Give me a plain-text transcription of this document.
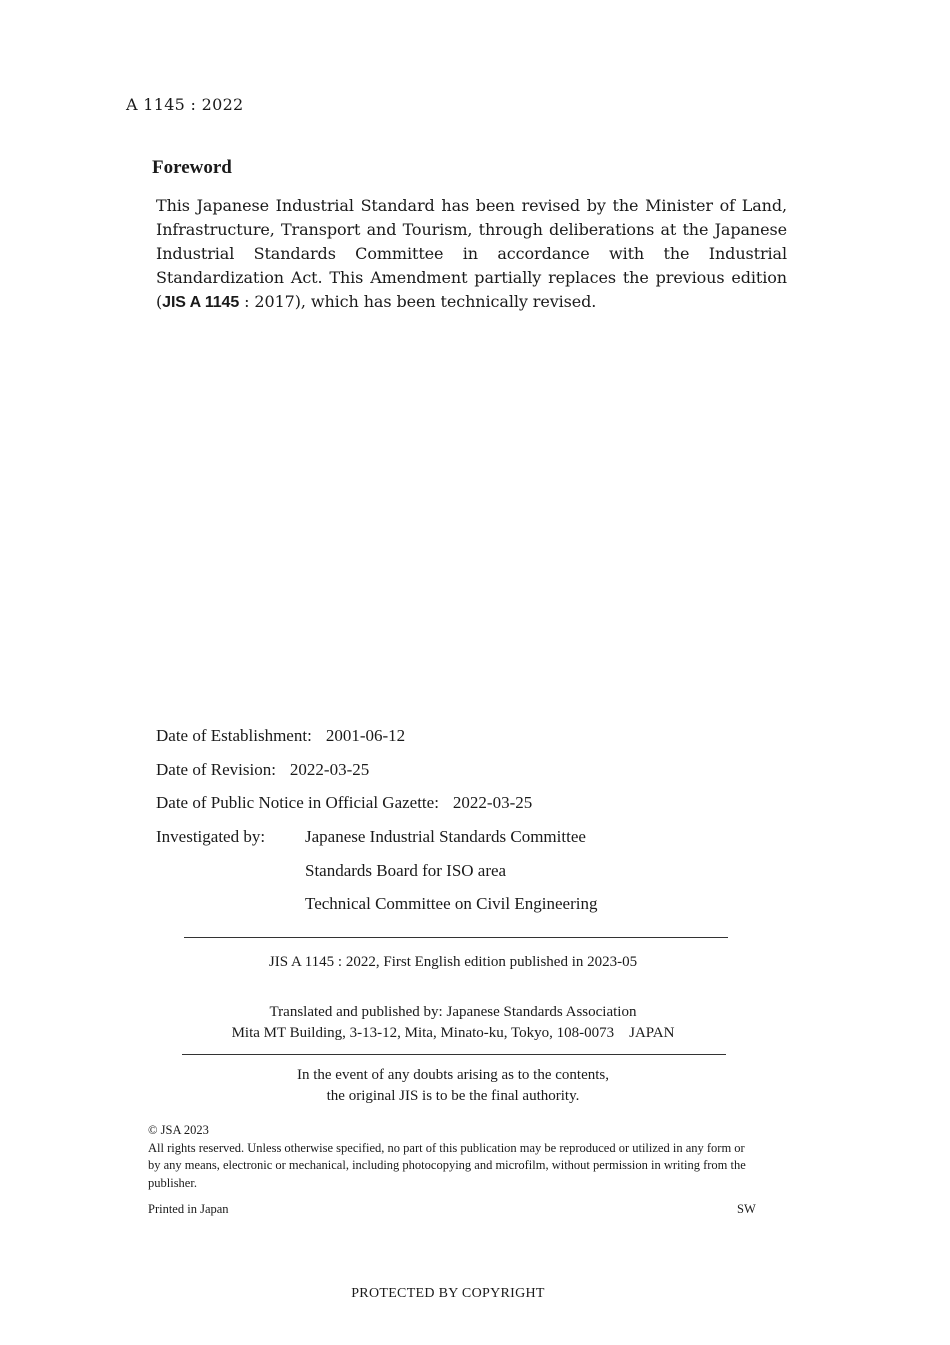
A 1145 : 2022
Foreword
This Japanese Industrial Standard has been revised by the Minister of Land, Infrastructure, Transport and Tourism, through deliberations at the Japanese Industrial Standards Committee in accordance with the Industrial Standardization Act. This Amendment partially replaces the previous edition (JIS A 1145 : 2017), which has been technically revised.
Date of Establishment: 2001-06-12
Date of Revision: 2022-03-25
Date of Public Notice in Official Gazette: 2022-03-25
Investigated by: Japanese Industrial Standards Committee
Standards Board for ISO area
Technical Committee on Civil Engineering
JIS A 1145 : 2022, First English edition published in 2023-05
Translated and published by: Japanese Standards Association
Mita MT Building, 3-13-12, Mita, Minato-ku, Tokyo, 108-0073　JAPAN
In the event of any doubts arising as to the contents,
the original JIS is to be the final authority.

© JSA 2023

All rights reserved. Unless otherwise specified, no part of this publication may be reproduced or utilized in any form or by any means, electronic or mechanical, including photocopying and microfilm, without permission in writing from the publisher.

Printed in Japan	SW
PROTECTED BY COPYRIGHT
